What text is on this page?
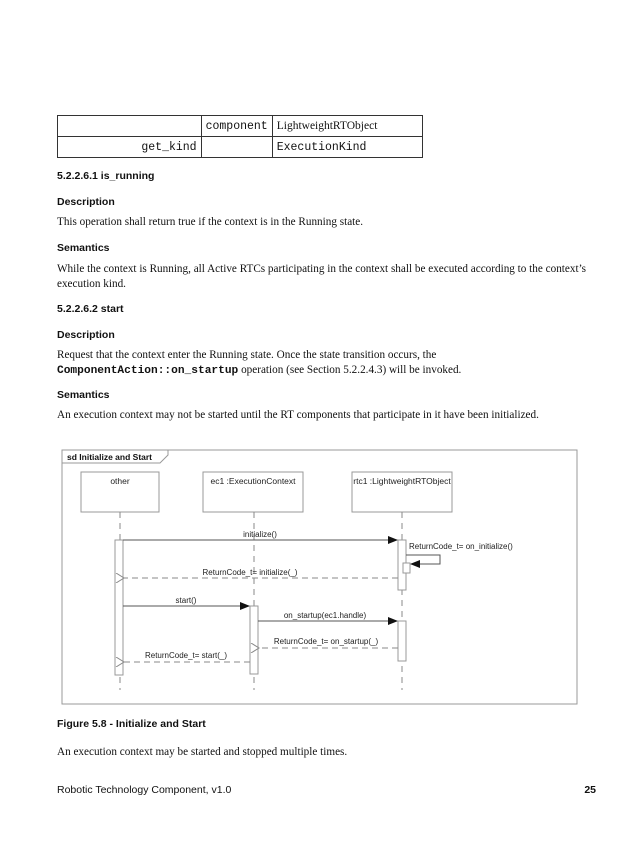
	component	LightweightRTObject
get_kind		ExecutionKind
5.2.2.6.1 is_running
Description
This operation shall return true if the context is in the Running state.
Semantics
While the context is Running, all Active RTCs participating in the context shall be executed according to the context’s execution kind.
5.2.2.6.2 start
Description
Request that the context enter the Running state. Once the state transition occurs, the ComponentAction::on_startup operation (see Section 5.2.2.4.3) will be invoked.
Semantics
An execution context may not be started until the RT components that participate in it have been initialized.
sd Initialize and Start
other	ec1 :ExecutionContext	rtc1 :LightweightRTObject
initialize()
ReturnCode_t= on_initialize()
ReturnCode_t= initialize(_)
start()
on_startup(ec1.handle)
ReturnCode_t= on_startup(_)
ReturnCode_t= start(_)
Figure 5.8 - Initialize and Start
An execution context may be started and stopped multiple times.
Robotic Technology Component, v1.0	25
